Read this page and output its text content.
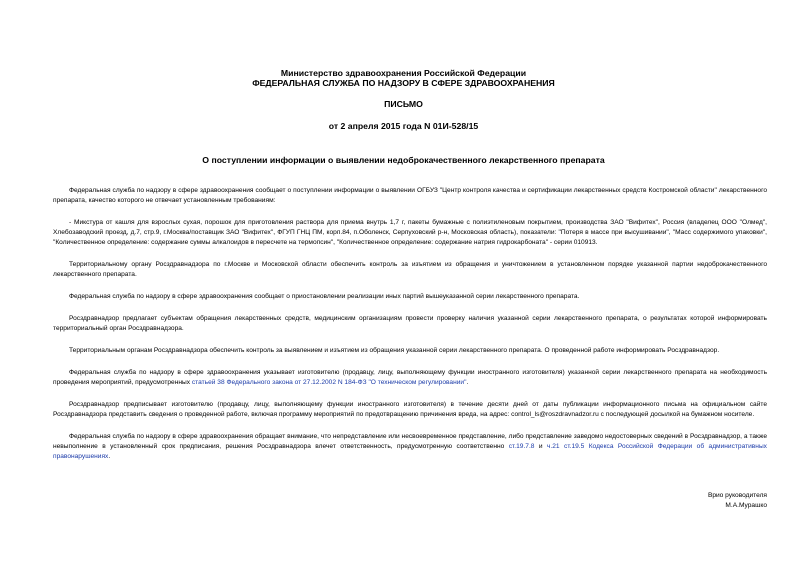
Министерство здравоохранения Российской Федерации
ФЕДЕРАЛЬНАЯ СЛУЖБА ПО НАДЗОРУ В СФЕРЕ ЗДРАВООХРАНЕНИЯ
ПИСЬМО
от 2 апреля 2015 года N 01И-528/15
О поступлении информации о выявлении недоброкачественного лекарственного препарата

Федеральная служба по надзору в сфере здравоохранения сообщает о поступлении информации о выявлении ОГБУЗ "Центр контроля качества и сертификации лекарственных средств Костромской области" лекарственного препарата, качество которого не отвечает установленным требованиям:

- Микстура от кашля для взрослых сухая, порошок для приготовления раствора для приема внутрь 1,7 г, пакеты бумажные с полиэтиленовым покрытием, производства ЗАО "Вифитех", Россия (владелец ООО "Олмед", Хлебозаводский проезд, д.7, стр.9, г.Москва/поставщик ЗАО "Вифитех", ФГУП ГНЦ ПМ, корп.84, п.Оболенск, Серпуховский р-н, Московская область), показатели: "Потеря в массе при высушивании", "Масс содержимого упаковки", "Количественное определение: содержание суммы алкалоидов в пересчете на термопсин", "Количественное определение: содержание натрия гидрокарбоната" - серии 010913.

Территориальному органу Росздравнадзора по г.Москве и Московской области обеспечить контроль за изъятием из обращения и уничтожением в установленном порядке указанной партии недоброкачественного лекарственного препарата.

Федеральная служба по надзору в сфере здравоохранения сообщает о приостановлении реализации иных партий вышеуказанной серии лекарственного препарата.

Росздравнадзор предлагает субъектам обращения лекарственных средств, медицинским организациям провести проверку наличия указанной серии лекарственного препарата, о результатах которой информировать территориальный орган Росздравнадзора.

Территориальным органам Росздравнадзора обеспечить контроль за выявлением и изъятием из обращения указанной серии лекарственного препарата. О проведенной работе информировать Росздравнадзор.

Федеральная служба по надзору в сфере здравоохранения указывает изготовителю (продавцу, лицу, выполняющему функции иностранного изготовителя) указанной серии лекарственного препарата на необходимость проведения мероприятий, предусмотренных статьей 38 Федерального закона от 27.12.2002 N 184-ФЗ "О техническом регулировании".

Росздравнадзор предписывает изготовителю (продавцу, лицу, выполняющему функции иностранного изготовителя) в течение десяти дней от даты публикации информационного письма на официальном сайте Росздравнадзора представить сведения о проведенной работе, включая программу мероприятий по предотвращению причинения вреда, на адрес: control_ls@roszdravnadzor.ru с последующей досылкой на бумажном носителе.

Федеральная служба по надзору в сфере здравоохранения обращает внимание, что непредставление или несвоевременное представление, либо представление заведомо недостоверных сведений в Росздравнадзор, а также невыполнение в установленный срок предписания, решения Росздравнадзора влечет ответственность, предусмотренную соответственно ст.19.7.8 и ч.21 ст.19.5 Кодекса Российской Федерации об административных правонарушениях.

Врио руководителя
М.А.Мурашко
